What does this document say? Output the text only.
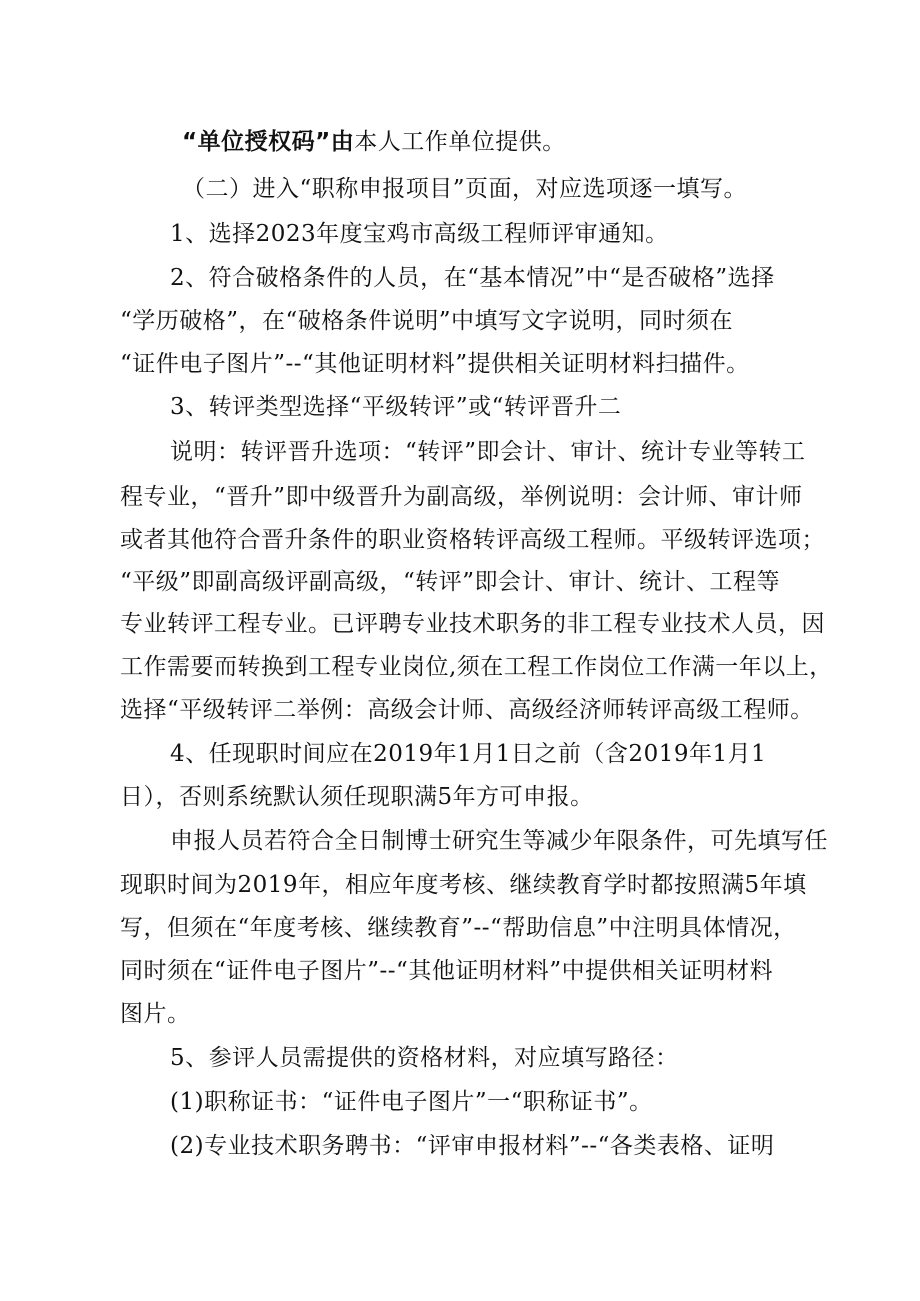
“单位授权码”由本人工作单位提供。
（二）进入“职称申报项目”页面，对应选项逐一填写。
1、选择2023年度宝鸡市高级工程师评审通知。
2、符合破格条件的人员，在“基本情况”中“是否破格”选择
“学历破格”，在“破格条件说明”中填写文字说明，同时须在
“证件电子图片”--“其他证明材料”提供相关证明材料扫描件。
3、转评类型选择“平级转评”或“转评晋升二
说明：转评晋升选项：“转评”即会计、审计、统计专业等转工
程专业，“晋升”即中级晋升为副高级，举例说明：会计师、审计师
或者其他符合晋升条件的职业资格转评高级工程师。平级转评选项；
“平级”即副高级评副高级，“转评”即会计、审计、统计、工程等
专业转评工程专业。已评聘专业技术职务的非工程专业技术人员，因
工作需要而转换到工程专业岗位,须在工程工作岗位工作满一年以上，
选择“平级转评二举例：高级会计师、高级经济师转评高级工程师。
4、任现职时间应在2019年1月1日之前（含2019年1月1
日），否则系统默认须任现职满5年方可申报。
申报人员若符合全日制博士研究生等减少年限条件，可先填写任
现职时间为2019年，相应年度考核、继续教育学时都按照满5年填
写，但须在“年度考核、继续教育”--“帮助信息”中注明具体情况，
同时须在“证件电子图片”--“其他证明材料”中提供相关证明材料
图片。
5、参评人员需提供的资格材料，对应填写路径：
(1)职称证书：“证件电子图片”一“职称证书”。
(2)专业技术职务聘书：“评审申报材料”--“各类表格、证明
